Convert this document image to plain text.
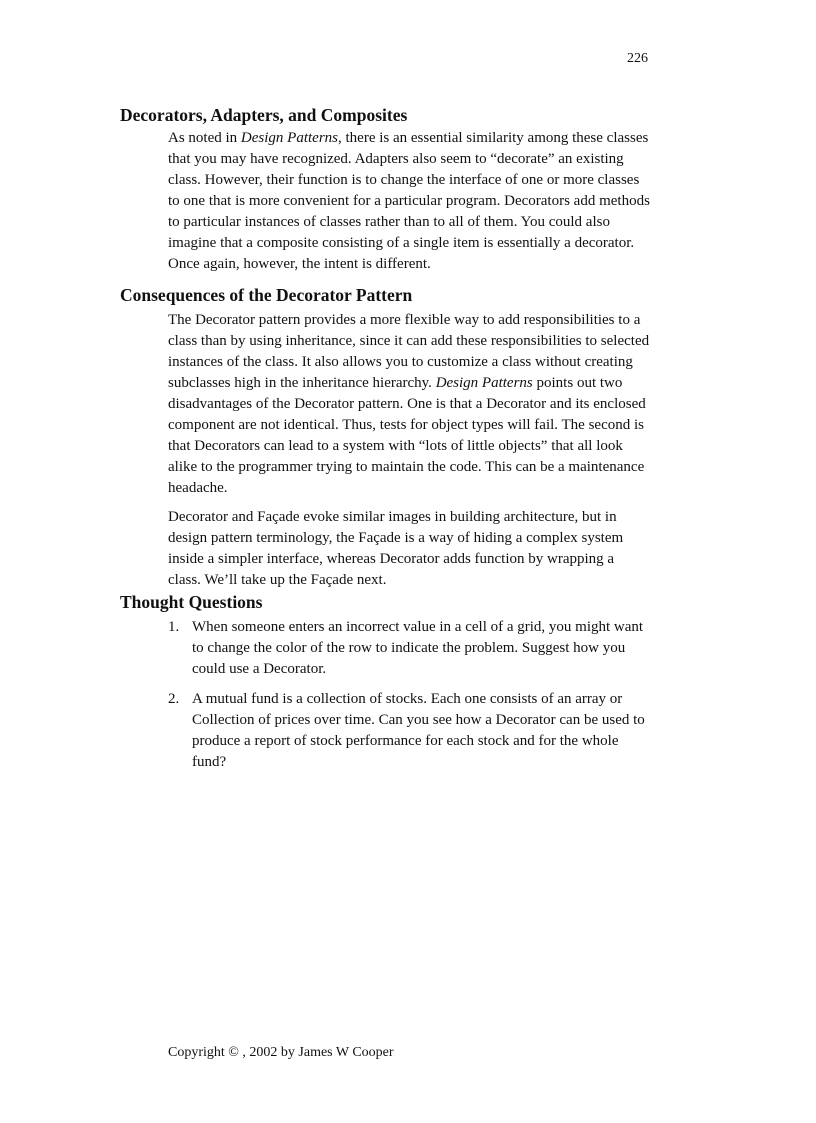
226
Decorators, Adapters, and Composites

As noted in Design Patterns, there is an essential similarity among these classes that you may have recognized. Adapters also seem to “decorate” an existing class. However, their function is to change the interface of one or more classes to one that is more convenient for a particular program. Decorators add methods to particular instances of classes rather than to all of them. You could also imagine that a composite consisting of a single item is essentially a decorator. Once again, however, the intent is different.

Consequences of the Decorator Pattern

The Decorator pattern provides a more flexible way to add responsibilities to a class than by using inheritance, since it can add these responsibilities to selected instances of the class. It also allows you to customize a class without creating subclasses high in the inheritance hierarchy. Design Patterns points out two disadvantages of the Decorator pattern. One is that a Decorator and its enclosed component are not identical. Thus, tests for object types will fail. The second is that Decorators can lead to a system with “lots of little objects” that all look alike to the programmer trying to maintain the code. This can be a maintenance headache.

Decorator and Façade evoke similar images in building architecture, but in design pattern terminology, the Façade is a way of hiding a complex system inside a simpler interface, whereas Decorator adds function by wrapping a class. We’ll take up the Façade next.

Thought Questions
1. When someone enters an incorrect value in a cell of a grid, you might want to change the color of the row to indicate the problem. Suggest how you could use a Decorator.
2. A mutual fund is a collection of stocks. Each one consists of an array or Collection of prices over time. Can you see how a Decorator can be used to produce a report of stock performance for each stock and for the whole fund?
Copyright © , 2002 by James W Cooper
